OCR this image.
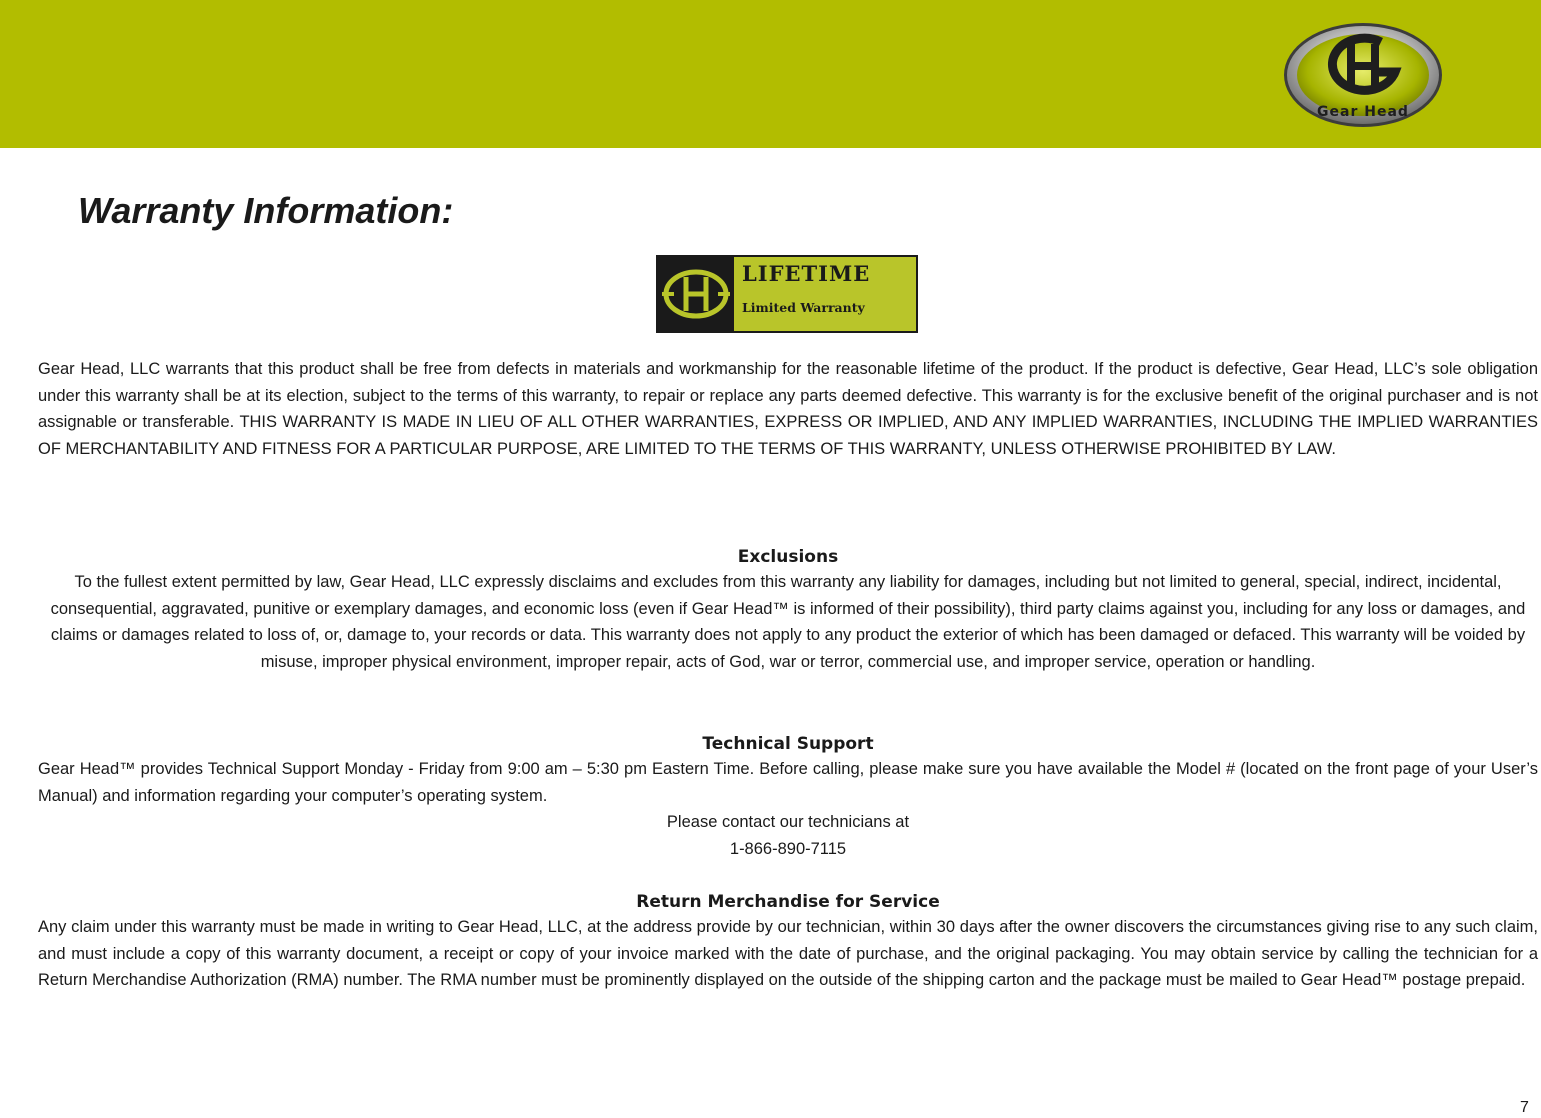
Gear Head
Warranty Information:
LIFETIME
Limited Warranty

Gear Head, LLC warrants that this product shall be free from defects in materials and workmanship for the reasonable lifetime of the product. If the product is defective, Gear Head, LLC’s sole obligation under this warranty shall be at its election, subject to the terms of this warranty, to repair or replace any parts deemed defective. This warranty is for the exclusive benefit of the original purchaser and is not assignable or transferable. THIS WARRANTY IS MADE IN LIEU OF ALL OTHER WARRANTIES, EXPRESS OR IMPLIED, AND ANY IMPLIED WARRANTIES, INCLUDING THE IMPLIED WARRANTIES OF MERCHANTABILITY AND FITNESS FOR A PARTICULAR PURPOSE, ARE LIMITED TO THE TERMS OF THIS WARRANTY, UNLESS OTHERWISE PROHIBITED BY LAW.

Exclusions

To the fullest extent permitted by law, Gear Head, LLC expressly disclaims and excludes from this warranty any liability for damages, including but not limited to general, special, indirect, incidental, consequential, aggravated, punitive or exemplary damages, and economic loss (even if Gear Head™ is informed of their possibility), third party claims against you, including for any loss or damages, and claims or damages related to loss of, or, damage to, your records or data. This warranty does not apply to any product the exterior of which has been damaged or defaced. This warranty will be voided by misuse, improper physical environment, improper repair, acts of God, war or terror, commercial use, and improper service, operation or handling.

Technical Support

Gear Head™ provides Technical Support Monday - Friday from 9:00 am – 5:30 pm Eastern Time. Before calling, please make sure you have available the Model # (located on the front page of your User’s Manual) and information regarding your computer’s operating system.

Please contact our technicians at
1-866-890-7115
Return Merchandise for Service

Any claim under this warranty must be made in writing to Gear Head, LLC, at the address provide by our technician, within 30 days after the owner discovers the circumstances giving rise to any such claim, and must include a copy of this warranty document, a receipt or copy of your invoice marked with the date of purchase, and the original packaging. You may obtain service by calling the technician for a Return Merchandise Authorization (RMA) number. The RMA number must be prominently displayed on the outside of the shipping carton and the package must be mailed to Gear Head™ postage prepaid.

7
